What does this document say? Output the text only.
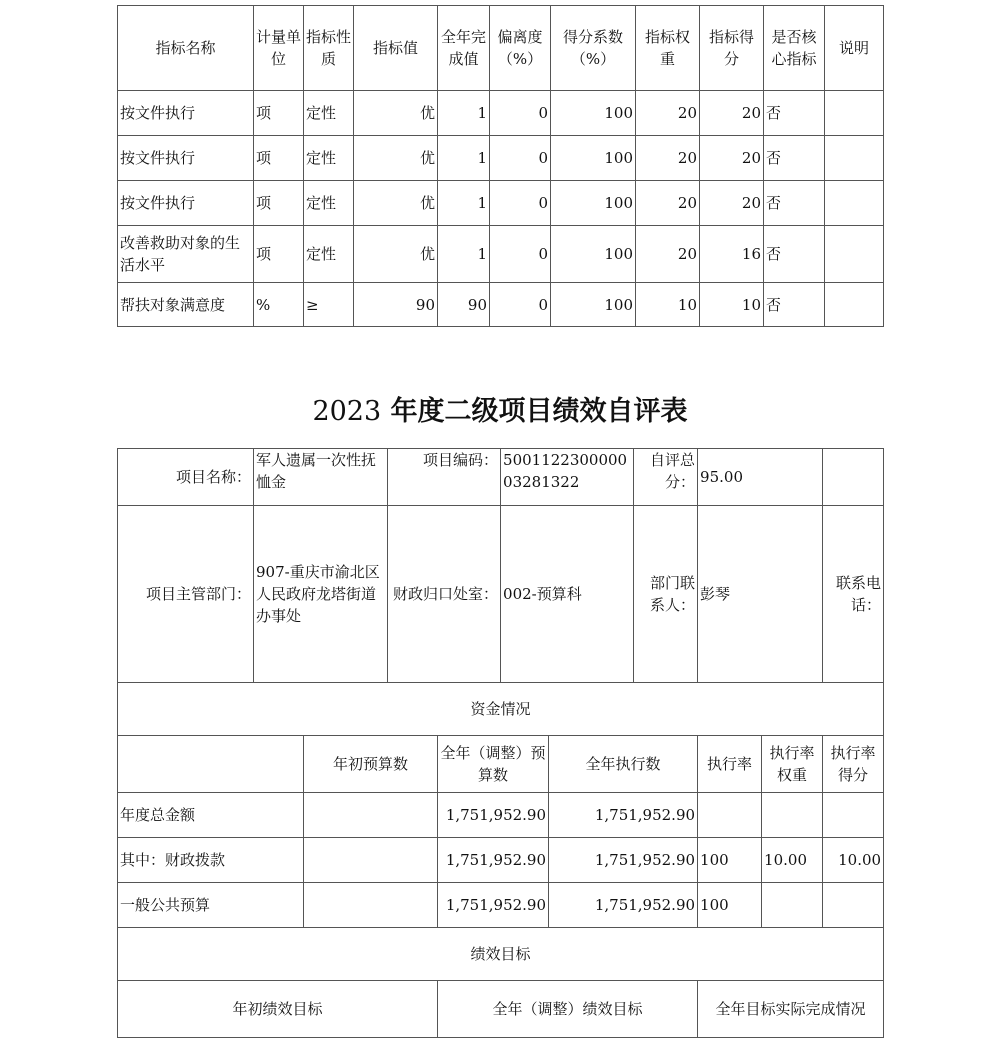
指标名称	计量单位	指标性质	指标值	全年完成值	偏离度（%）	得分系数（%）	指标权重	指标得分	是否核心指标	说明
按文件执行	项	定性	优	1	0	100	20	20	否	
按文件执行	项	定性	优	1	0	100	20	20	否	
按文件执行	项	定性	优	1	0	100	20	20	否	
改善救助对象的生活水平	项	定性	优	1	0	100	20	16	否	
帮扶对象满意度	%	≥	90	90	0	100	10	10	否	
2023 年度二级项目绩效自评表
项目名称：	军人遗属一次性抚恤金		项目编码：		500112230000003281322		自评总分：	95.00			
项目主管部门：	907-重庆市渝北区人民政府龙塔街道办事处		财政归口处室：		002-预算科		部门联系人：	彭琴		联系电话：	
资金情况											
		年初预算数		全年（调整）预算数		全年执行数		执行率	执行率权重	执行率得分	
年度总金额				1,751,952.90		1,751,952.90					
其中：财政拨款				1,751,952.90		1,751,952.90		100	10.00	10.00	
一般公共预算				1,751,952.90		1,751,952.90		100			
绩效目标											
年初绩效目标				全年（调整）绩效目标				全年目标实际完成情况			
